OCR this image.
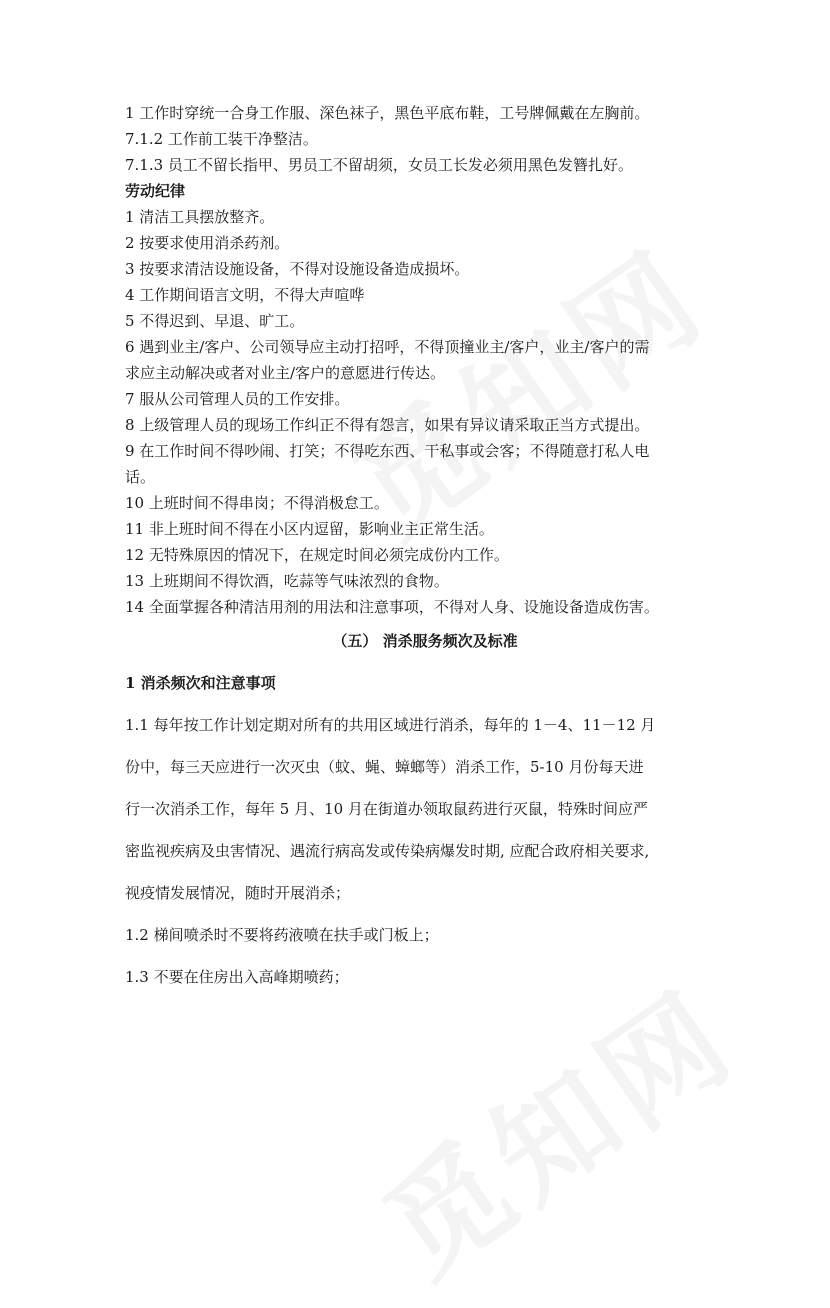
1 工作时穿统一合身工作服、深色袜子，黑色平底布鞋，工号牌佩戴在左胸前。
7.1.2 工作前工装干净整洁。
7.1.3 员工不留长指甲、男员工不留胡须，女员工长发必须用黑色发簪扎好。
劳动纪律
1 清洁工具摆放整齐。
2 按要求使用消杀药剂。
3 按要求清洁设施设备，不得对设施设备造成损坏。
4 工作期间语言文明，不得大声喧哗
5 不得迟到、早退、旷工。
6 遇到业主/客户、公司领导应主动打招呼，不得顶撞业主/客户，业主/客户的需
求应主动解决或者对业主/客户的意愿进行传达。
7 服从公司管理人员的工作安排。
8 上级管理人员的现场工作纠正不得有怨言，如果有异议请采取正当方式提出。
9 在工作时间不得吵闹、打笑；不得吃东西、干私事或会客；不得随意打私人电
话。
10 上班时间不得串岗；不得消极怠工。
11 非上班时间不得在小区内逗留，影响业主正常生活。
12 无特殊原因的情况下，在规定时间必须完成份内工作。
13 上班期间不得饮酒，吃蒜等气味浓烈的食物。
14 全面掌握各种清洁用剂的用法和注意事项，不得对人身、设施设备造成伤害。
（五） 消杀服务频次及标准
1 消杀频次和注意事项
1.1 每年按工作计划定期对所有的共用区域进行消杀，每年的 1－4、11－12 月
份中，每三天应进行一次灭虫（蚊、蝇、蟑螂等）消杀工作，5-10 月份每天进
行一次消杀工作，每年 5 月、10 月在街道办领取鼠药进行灭鼠，特殊时间应严
密监视疾病及虫害情况、遇流行病高发或传染病爆发时期, 应配合政府相关要求,
视疫情发展情况，随时开展消杀；
1.2 梯间喷杀时不要将药液喷在扶手或门板上；
1.3 不要在住房出入高峰期喷药；
